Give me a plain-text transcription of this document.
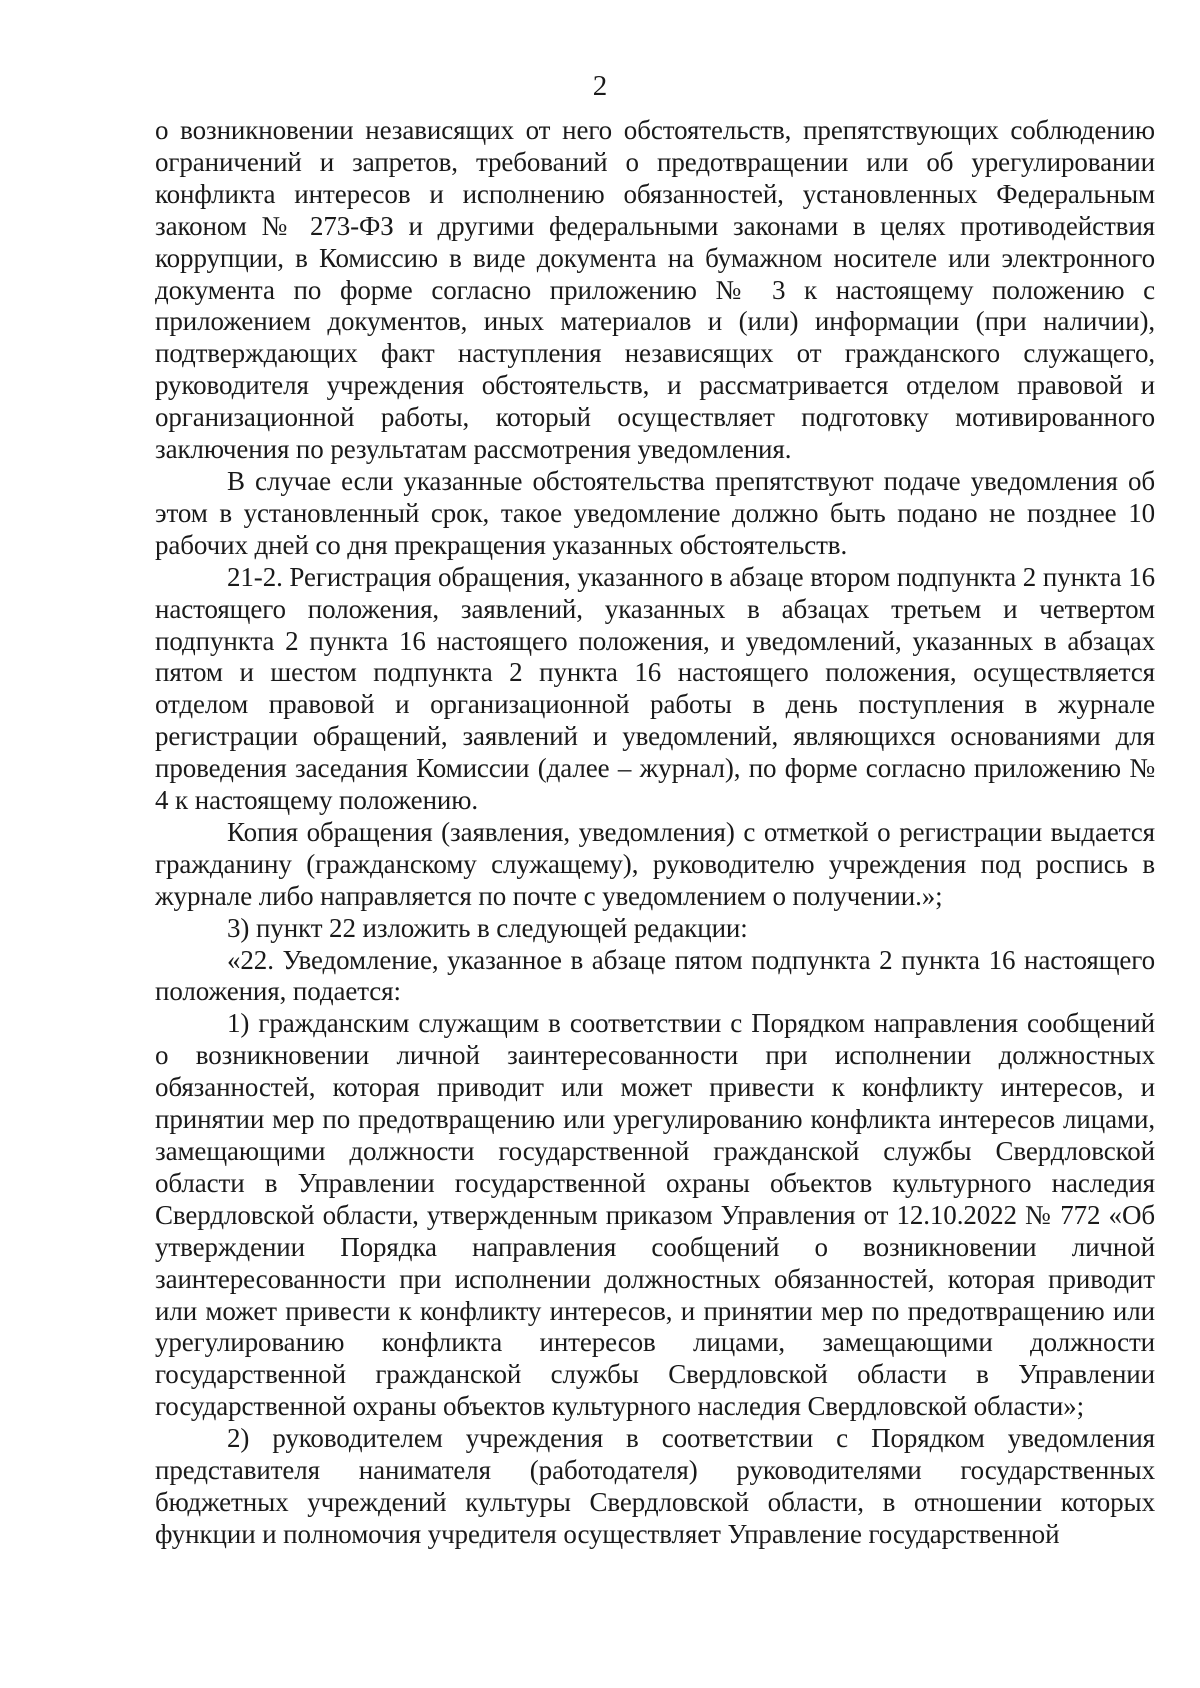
2

о возникновении независящих от него обстоятельств, препятствующих соблюдению ограничений и запретов, требований о предотвращении или об урегулировании конфликта интересов и исполнению обязанностей, установленных Федеральным законом № 273-ФЗ и другими федеральными законами в целях противодействия коррупции, в Комиссию в виде документа на бумажном носителе или электронного документа по форме согласно приложению № 3 к настоящему положению с приложением документов, иных материалов и (или) информации (при наличии), подтверждающих факт наступления независящих от гражданского служащего, руководителя учреждения обстоятельств, и рассматривается отделом правовой и организационной работы, который осуществляет подготовку мотивированного заключения по результатам рассмотрения уведомления.

В случае если указанные обстоятельства препятствуют подаче уведомления об этом в установленный срок, такое уведомление должно быть подано не позднее 10 рабочих дней со дня прекращения указанных обстоятельств.

21-2. Регистрация обращения, указанного в абзаце втором подпункта 2 пункта 16 настоящего положения, заявлений, указанных в абзацах третьем и четвертом подпункта 2 пункта 16 настоящего положения, и уведомлений, указанных в абзацах пятом и шестом подпункта 2 пункта 16 настоящего положения, осуществляется отделом правовой и организационной работы в день поступления в журнале регистрации обращений, заявлений и уведомлений, являющихся основаниями для проведения заседания Комиссии (далее – журнал), по форме согласно приложению № 4 к настоящему положению.

Копия обращения (заявления, уведомления) с отметкой о регистрации выдается гражданину (гражданскому служащему), руководителю учреждения под роспись в журнале либо направляется по почте с уведомлением о получении.»;

3) пункт 22 изложить в следующей редакции:

«22. Уведомление, указанное в абзаце пятом подпункта 2 пункта 16 настоящего положения, подается:

1) гражданским служащим в соответствии с Порядком направления сообщений о возникновении личной заинтересованности при исполнении должностных обязанностей, которая приводит или может привести к конфликту интересов, и принятии мер по предотвращению или урегулированию конфликта интересов лицами, замещающими должности государственной гражданской службы Свердловской области в Управлении государственной охраны объектов культурного наследия Свердловской области, утвержденным приказом Управления от 12.10.2022 № 772 «Об утверждении Порядка направления сообщений о возникновении личной заинтересованности при исполнении должностных обязанностей, которая приводит или может привести к конфликту интересов, и принятии мер по предотвращению или урегулированию конфликта интересов лицами, замещающими должности государственной гражданской службы Свердловской области в Управлении государственной охраны объектов культурного наследия Свердловской области»;

2) руководителем учреждения в соответствии с Порядком уведомления представителя нанимателя (работодателя) руководителями государственных бюджетных учреждений культуры Свердловской области, в отношении которых функции и полномочия учредителя осуществляет Управление государственной
